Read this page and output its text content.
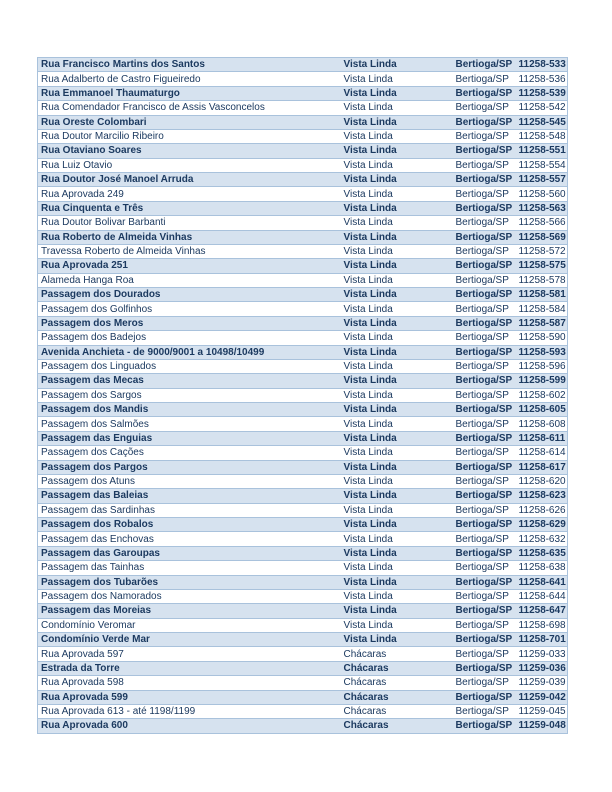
Rua Francisco Martins dos Santos	Vista Linda	Bertioga/SP	11258-533
Rua Adalberto de Castro Figueiredo	Vista Linda	Bertioga/SP	11258-536
Rua Emmanoel Thaumaturgo	Vista Linda	Bertioga/SP	11258-539
Rua Comendador Francisco de Assis Vasconcelos	Vista Linda	Bertioga/SP	11258-542
Rua Oreste Colombari	Vista Linda	Bertioga/SP	11258-545
Rua Doutor Marcilio Ribeiro	Vista Linda	Bertioga/SP	11258-548
Rua Otaviano Soares	Vista Linda	Bertioga/SP	11258-551
Rua Luiz Otavio	Vista Linda	Bertioga/SP	11258-554
Rua Doutor José Manoel Arruda	Vista Linda	Bertioga/SP	11258-557
Rua Aprovada 249	Vista Linda	Bertioga/SP	11258-560
Rua Cinquenta e Três	Vista Linda	Bertioga/SP	11258-563
Rua Doutor Bolivar Barbanti	Vista Linda	Bertioga/SP	11258-566
Rua Roberto de Almeida Vinhas	Vista Linda	Bertioga/SP	11258-569
Travessa Roberto de Almeida Vinhas	Vista Linda	Bertioga/SP	11258-572
Rua Aprovada 251	Vista Linda	Bertioga/SP	11258-575
Alameda Hanga Roa	Vista Linda	Bertioga/SP	11258-578
Passagem dos Dourados	Vista Linda	Bertioga/SP	11258-581
Passagem dos Golfinhos	Vista Linda	Bertioga/SP	11258-584
Passagem dos Meros	Vista Linda	Bertioga/SP	11258-587
Passagem dos Badejos	Vista Linda	Bertioga/SP	11258-590
Avenida Anchieta - de 9000/9001 a 10498/10499	Vista Linda	Bertioga/SP	11258-593
Passagem dos Linguados	Vista Linda	Bertioga/SP	11258-596
Passagem das Mecas	Vista Linda	Bertioga/SP	11258-599
Passagem dos Sargos	Vista Linda	Bertioga/SP	11258-602
Passagem dos Mandis	Vista Linda	Bertioga/SP	11258-605
Passagem dos Salmões	Vista Linda	Bertioga/SP	11258-608
Passagem das Enguias	Vista Linda	Bertioga/SP	11258-611
Passagem dos Cações	Vista Linda	Bertioga/SP	11258-614
Passagem dos Pargos	Vista Linda	Bertioga/SP	11258-617
Passagem dos Atuns	Vista Linda	Bertioga/SP	11258-620
Passagem das Baleias	Vista Linda	Bertioga/SP	11258-623
Passagem das Sardinhas	Vista Linda	Bertioga/SP	11258-626
Passagem dos Robalos	Vista Linda	Bertioga/SP	11258-629
Passagem das Enchovas	Vista Linda	Bertioga/SP	11258-632
Passagem das Garoupas	Vista Linda	Bertioga/SP	11258-635
Passagem das Tainhas	Vista Linda	Bertioga/SP	11258-638
Passagem dos Tubarões	Vista Linda	Bertioga/SP	11258-641
Passagem dos Namorados	Vista Linda	Bertioga/SP	11258-644
Passagem das Moreias	Vista Linda	Bertioga/SP	11258-647
Condomínio Veromar	Vista Linda	Bertioga/SP	11258-698
Condomínio Verde Mar	Vista Linda	Bertioga/SP	11258-701
Rua Aprovada 597	Chácaras	Bertioga/SP	11259-033
Estrada da Torre	Chácaras	Bertioga/SP	11259-036
Rua Aprovada 598	Chácaras	Bertioga/SP	11259-039
Rua Aprovada 599	Chácaras	Bertioga/SP	11259-042
Rua Aprovada 613 - até 1198/1199	Chácaras	Bertioga/SP	11259-045
Rua Aprovada 600	Chácaras	Bertioga/SP	11259-048
